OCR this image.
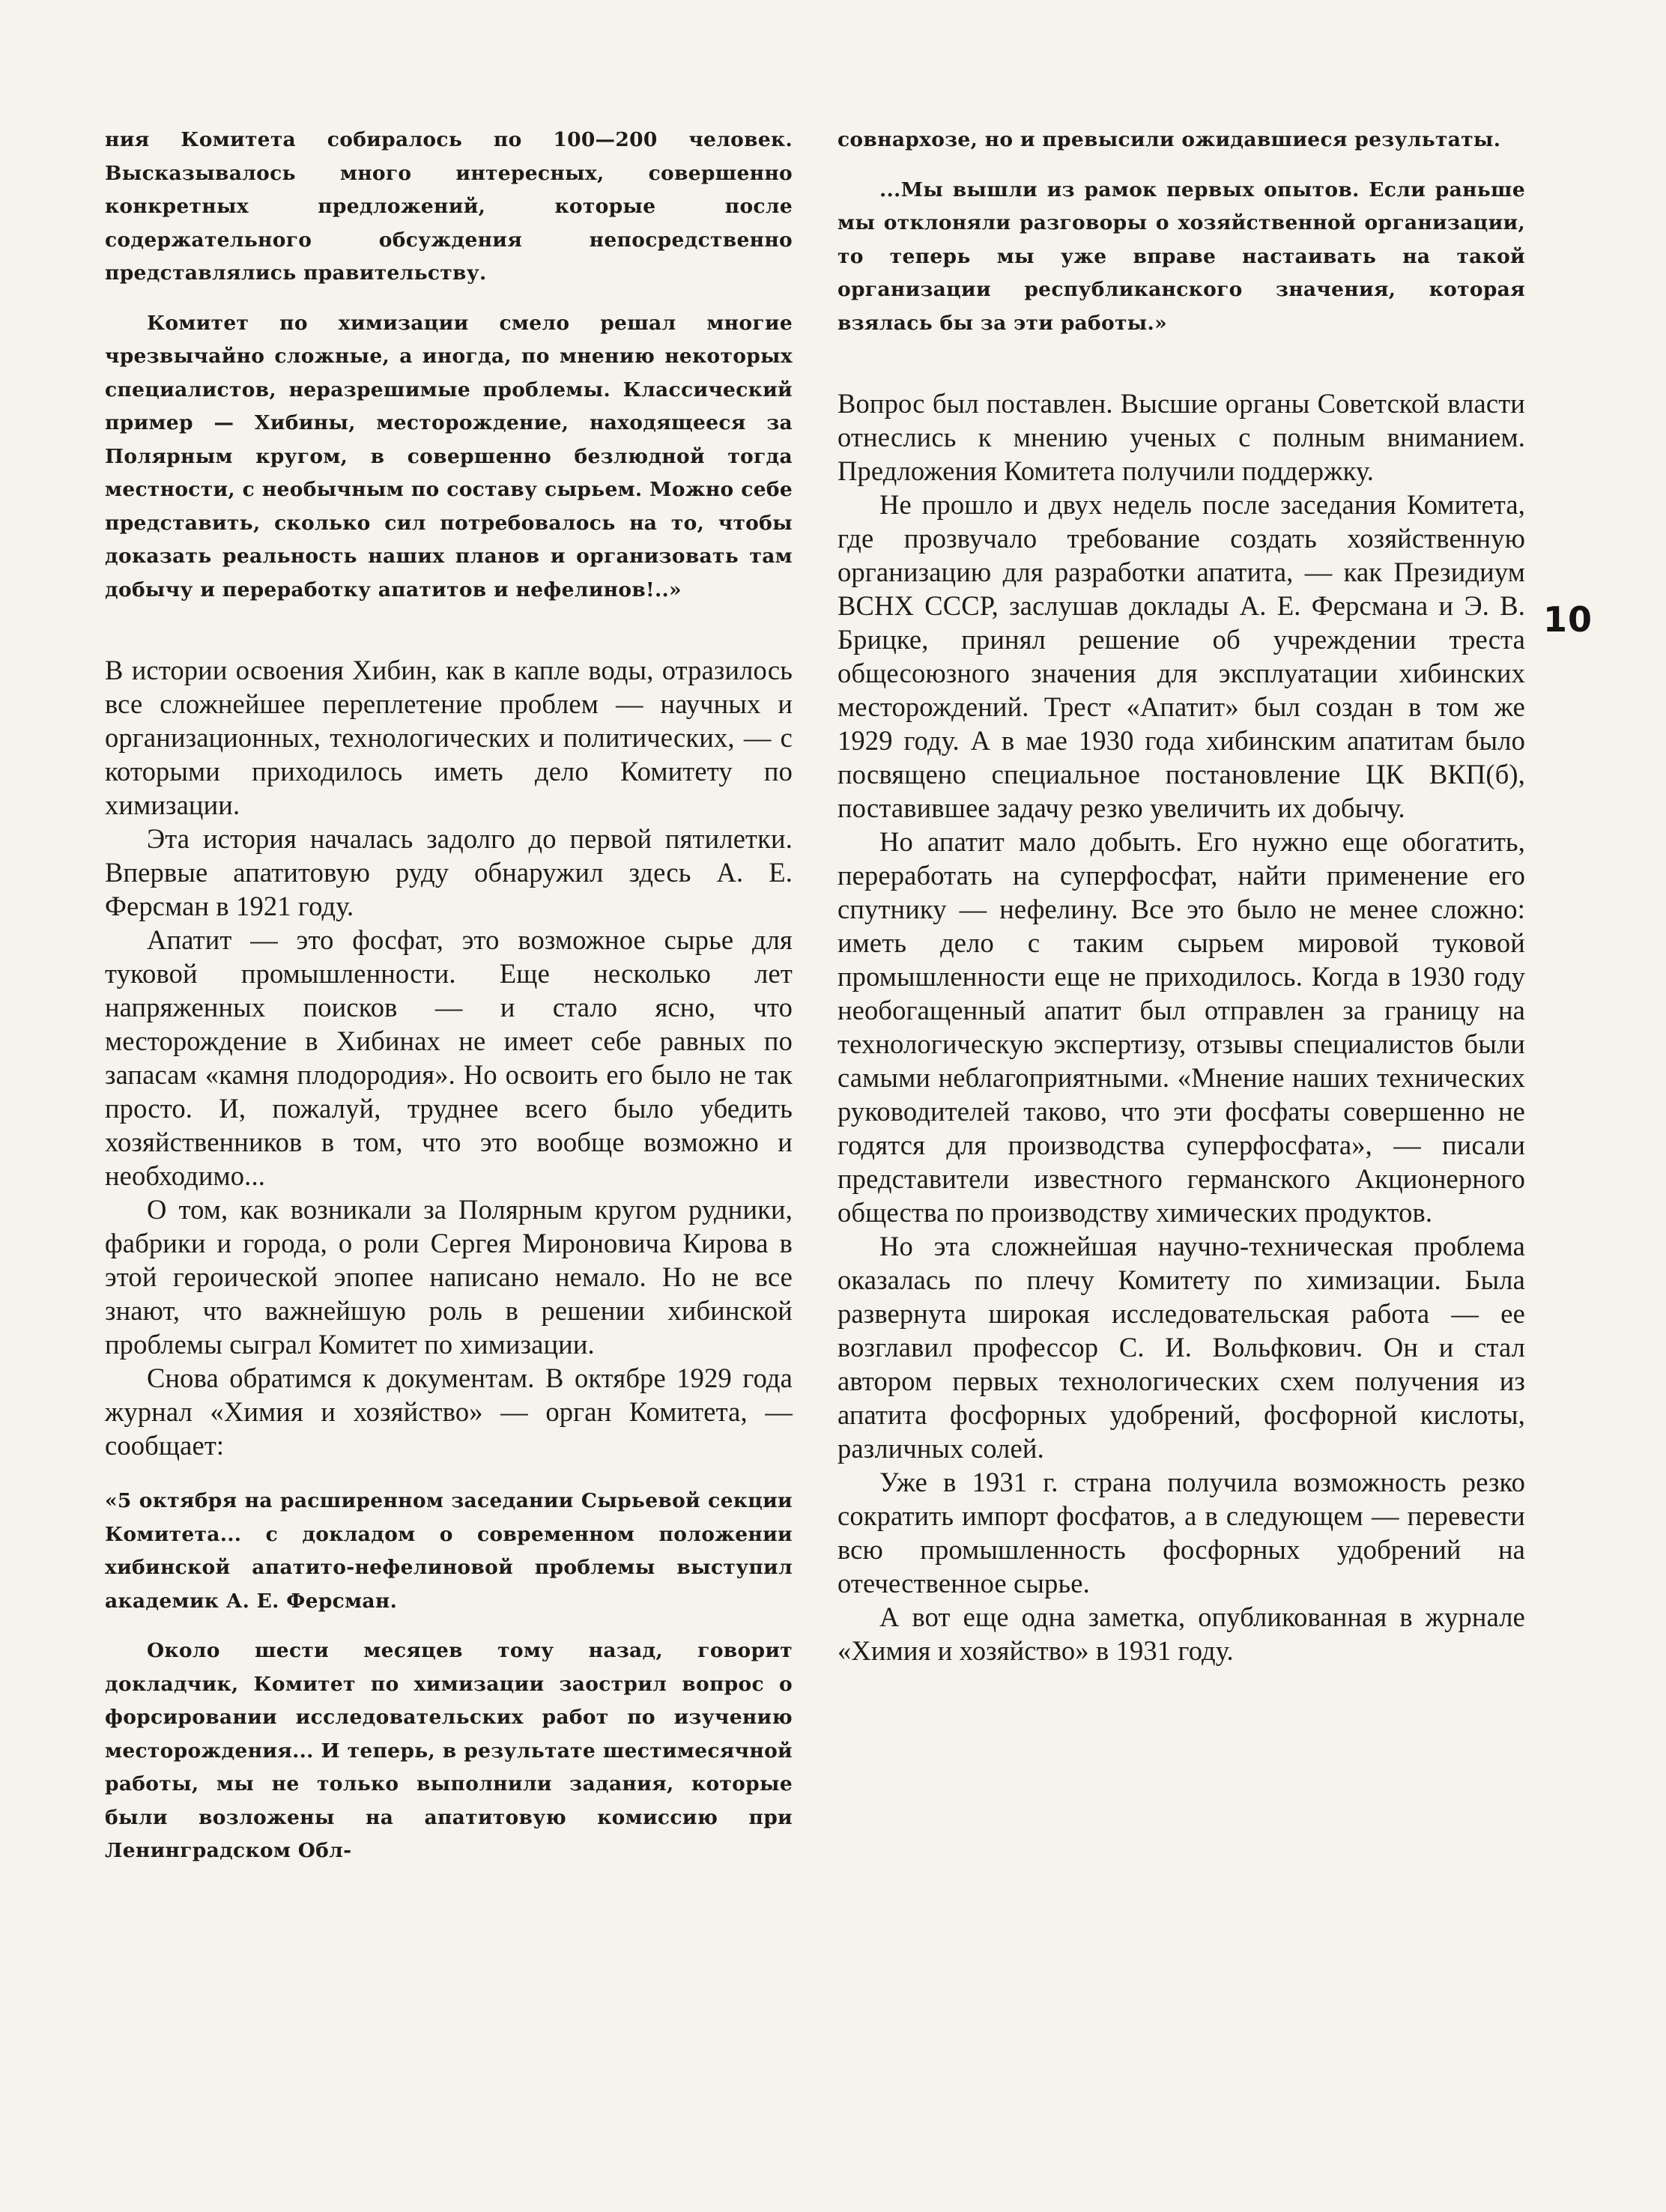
ния Комитета собиралось по 100—200 человек. Высказывалось много интересных, совершенно конкретных предложений, которые после содержательного обсуждения непосредственно представлялись правительству.

Комитет по химизации смело решал многие чрезвычайно сложные, а иногда, по мнению некоторых специалистов, неразрешимые проблемы. Классический пример — Хибины, месторождение, находящееся за Полярным кругом, в совершенно безлюдной тогда местности, с необычным по составу сырьем. Можно себе представить, сколько сил потребовалось на то, чтобы доказать реальность наших планов и организовать там добычу и переработку апатитов и нефелинов!..»

В истории освоения Хибин, как в капле воды, отразилось все сложнейшее переплетение проблем — научных и организационных, технологических и политических, — с которыми приходилось иметь дело Комитету по химизации.

Эта история началась задолго до первой пятилетки. Впервые апатитовую руду обнаружил здесь А. Е. Ферсман в 1921 году.

Апатит — это фосфат, это возможное сырье для туковой промышленности. Еще несколько лет напряженных поисков — и стало ясно, что месторождение в Хибинах не имеет себе равных по запасам «камня плодородия». Но освоить его было не так просто. И, пожалуй, труднее всего было убедить хозяйственников в том, что это вообще возможно и необходимо...

О том, как возникали за Полярным кругом рудники, фабрики и города, о роли Сергея Мироновича Кирова в этой героической эпопее написано немало. Но не все знают, что важнейшую роль в решении хибинской проблемы сыграл Комитет по химизации.

Снова обратимся к документам. В октябре 1929 года журнал «Химия и хозяйство» — орган Комитета, — сообщает:

«5 октября на расширенном заседании Сырьевой секции Комитета... с докладом о современном положении хибинской апатито-нефелиновой проблемы выступил академик А. Е. Ферсман.

Около шести месяцев тому назад, говорит докладчик, Комитет по химизации заострил вопрос о форсировании исследовательских работ по изучению месторождения... И теперь, в результате шестимесячной работы, мы не только выполнили задания, которые были возложены на апатитовую комиссию при Ленинградском Обл-

совнархозе, но и превысили ожидавшиеся результаты.

...Мы вышли из рамок первых опытов. Если раньше мы отклоняли разговоры о хозяйственной организации, то теперь мы уже вправе настаивать на такой организации республиканского значения, которая взялась бы за эти работы.»

Вопрос был поставлен. Высшие органы Советской власти отнеслись к мнению ученых с полным вниманием. Предложения Комитета получили поддержку.

Не прошло и двух недель после заседания Комитета, где прозвучало требование создать хозяйственную организацию для разработки апатита, — как Президиум ВСНХ СССР, заслушав доклады А. Е. Ферсмана и Э. В. Брицке, принял решение об учреждении треста общесоюзного значения для эксплуатации хибинских месторождений. Трест «Апатит» был создан в том же 1929 году. А в мае 1930 года хибинским апатитам было посвящено специальное постановление ЦК ВКП(б), поставившее задачу резко увеличить их добычу.

Но апатит мало добыть. Его нужно еще обогатить, переработать на суперфосфат, найти применение его спутнику — нефелину. Все это было не менее сложно: иметь дело с таким сырьем мировой туковой промышленности еще не приходилось. Когда в 1930 году необогащенный апатит был отправлен за границу на технологическую экспертизу, отзывы специалистов были самыми неблагоприятными. «Мнение наших технических руководителей таково, что эти фосфаты совершенно не годятся для производства суперфосфата», — писали представители известного германского Акционерного общества по производству химических продуктов.

Но эта сложнейшая научно-техническая проблема оказалась по плечу Комитету по химизации. Была развернута широкая исследовательская работа — ее возглавил профессор С. И. Вольфкович. Он и стал автором первых технологических схем получения из апатита фосфорных удобрений, фосфорной кислоты, различных солей.

Уже в 1931 г. страна получила возможность резко сократить импорт фосфатов, а в следующем — перевести всю промышленность фосфорных удобрений на отечественное сырье.

А вот еще одна заметка, опубликованная в журнале «Химия и хозяйство» в 1931 году.

10
